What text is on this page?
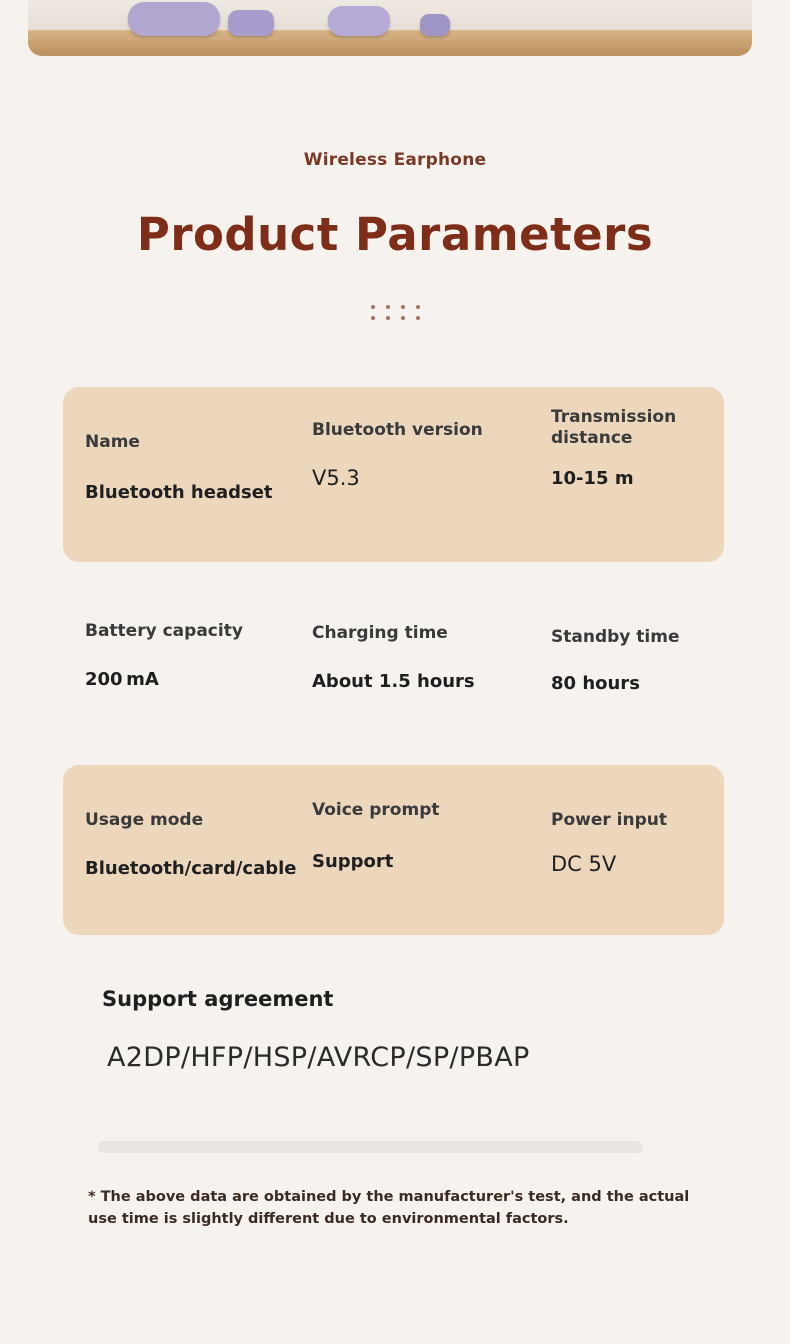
Wireless Earphone
Product Parameters
Name
Bluetooth headset
Bluetooth version
V5.3
Transmission distance
10-15 m
Battery capacity
200 mA
Charging time
About 1.5 hours
Standby time
80 hours
Usage mode
Bluetooth/card/cable
Voice prompt
Support
Power input
DC 5V
Support agreement
A2DP/HFP/HSP/AVRCP/SP/PBAP
* The above data are obtained by the manufacturer's test, and the actual use time is slightly different due to environmental factors.
